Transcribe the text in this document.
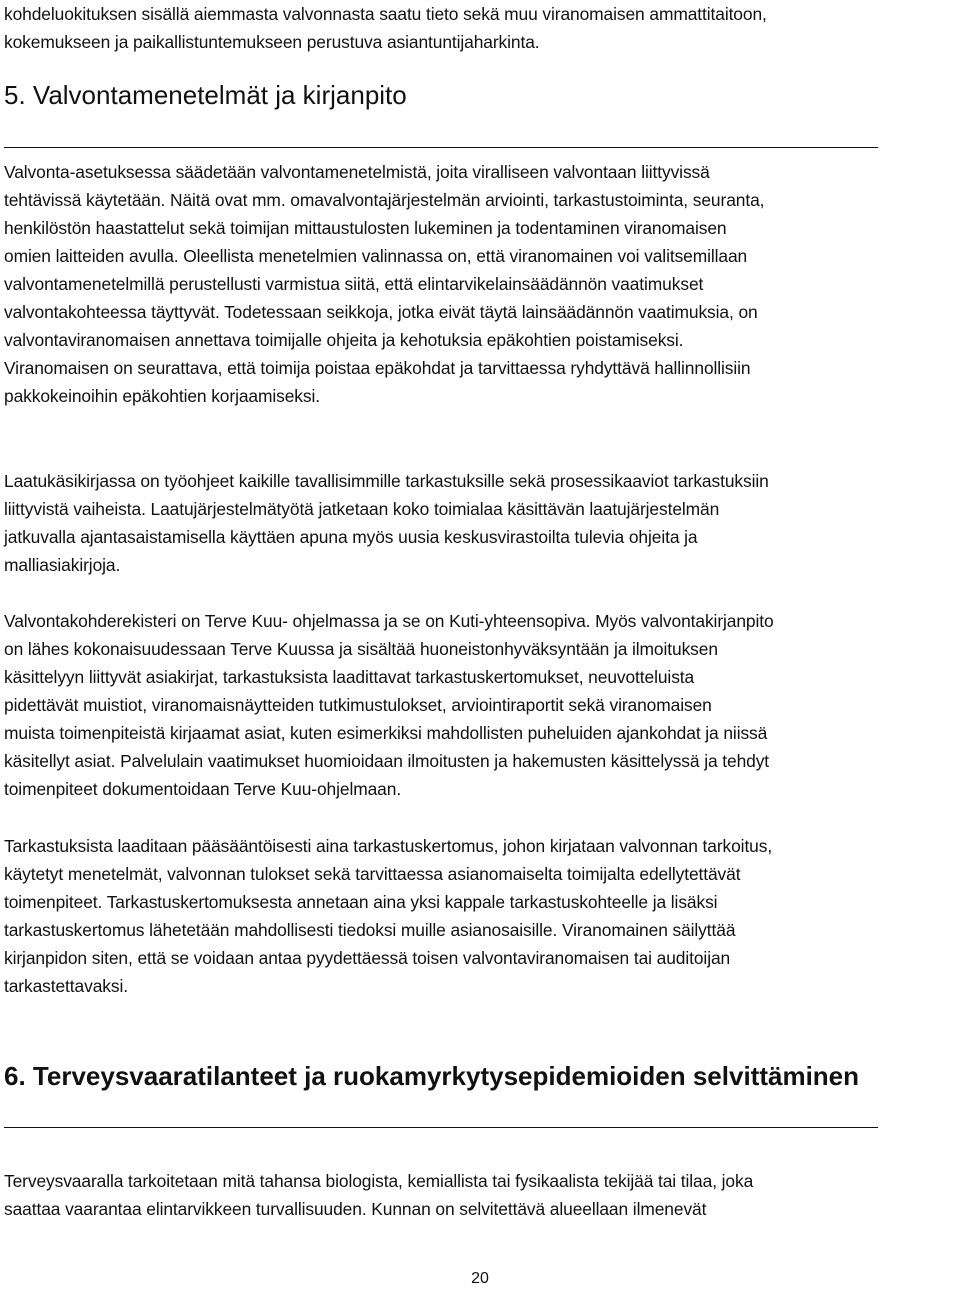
kohdeluokituksen sisällä aiemmasta valvonnasta saatu tieto sekä muu viranomaisen ammattitaitoon,
kokemukseen ja paikallistuntemukseen perustuva asiantuntijaharkinta.

5. Valvontamenetelmät ja kirjanpito

Valvonta-asetuksessa säädetään valvontamenetelmistä, joita viralliseen valvontaan liittyvissä
tehtävissä käytetään. Näitä ovat mm. omavalvontajärjestelmän arviointi, tarkastustoiminta, seuranta,
henkilöstön haastattelut sekä toimijan mittaustulosten lukeminen ja todentaminen viranomaisen
omien laitteiden avulla. Oleellista menetelmien valinnassa on, että viranomainen voi valitsemillaan
valvontamenetelmillä perustellusti varmistua siitä, että elintarvikelainsäädännön vaatimukset
valvontakohteessa täyttyvät. Todetessaan seikkoja, jotka eivät täytä lainsäädännön vaatimuksia, on
valvontaviranomaisen annettava toimijalle ohjeita ja kehotuksia epäkohtien poistamiseksi.
Viranomaisen on seurattava, että toimija poistaa epäkohdat ja tarvittaessa ryhdyttävä hallinnollisiin
pakkokeinoihin epäkohtien korjaamiseksi.

Laatukäsikirjassa on työohjeet kaikille tavallisimmille tarkastuksille sekä prosessikaaviot tarkastuksiin
liittyvistä vaiheista. Laatujärjestelmätyötä jatketaan koko toimialaa käsittävän laatujärjestelmän
jatkuvalla ajantasaistamisella käyttäen apuna myös uusia keskusvirastoilta tulevia ohjeita ja
malliasiakirjoja.

Valvontakohderekisteri on Terve Kuu- ohjelmassa ja se on Kuti-yhteensopiva. Myös valvontakirjanpito
on lähes kokonaisuudessaan Terve Kuussa ja sisältää huoneistonhyväksyntään ja ilmoituksen
käsittelyyn liittyvät asiakirjat, tarkastuksista laadittavat tarkastuskertomukset, neuvotteluista
pidettävät muistiot, viranomaisnäytteiden tutkimustulokset, arviointiraportit sekä viranomaisen
muista toimenpiteistä kirjaamat asiat, kuten esimerkiksi mahdollisten puheluiden ajankohdat ja niissä
käsitellyt asiat. Palvelulain vaatimukset huomioidaan ilmoitusten ja hakemusten käsittelyssä ja tehdyt
toimenpiteet dokumentoidaan Terve Kuu-ohjelmaan.

Tarkastuksista laaditaan pääsääntöisesti aina tarkastuskertomus, johon kirjataan valvonnan tarkoitus,
käytetyt menetelmät, valvonnan tulokset sekä tarvittaessa asianomaiselta toimijalta edellytettävät
toimenpiteet. Tarkastuskertomuksesta annetaan aina yksi kappale tarkastuskohteelle ja lisäksi
tarkastuskertomus lähetetään mahdollisesti tiedoksi muille asianosaisille. Viranomainen säilyttää
kirjanpidon siten, että se voidaan antaa pyydettäessä toisen valvontaviranomaisen tai auditoijan
tarkastettavaksi.

6. Terveysvaaratilanteet ja ruokamyrkytysepidemioiden selvittäminen

Terveysvaaralla tarkoitetaan mitä tahansa biologista, kemiallista tai fysikaalista tekijää tai tilaa, joka
saattaa vaarantaa elintarvikkeen turvallisuuden. Kunnan on selvitettävä alueellaan ilmenevät

20
